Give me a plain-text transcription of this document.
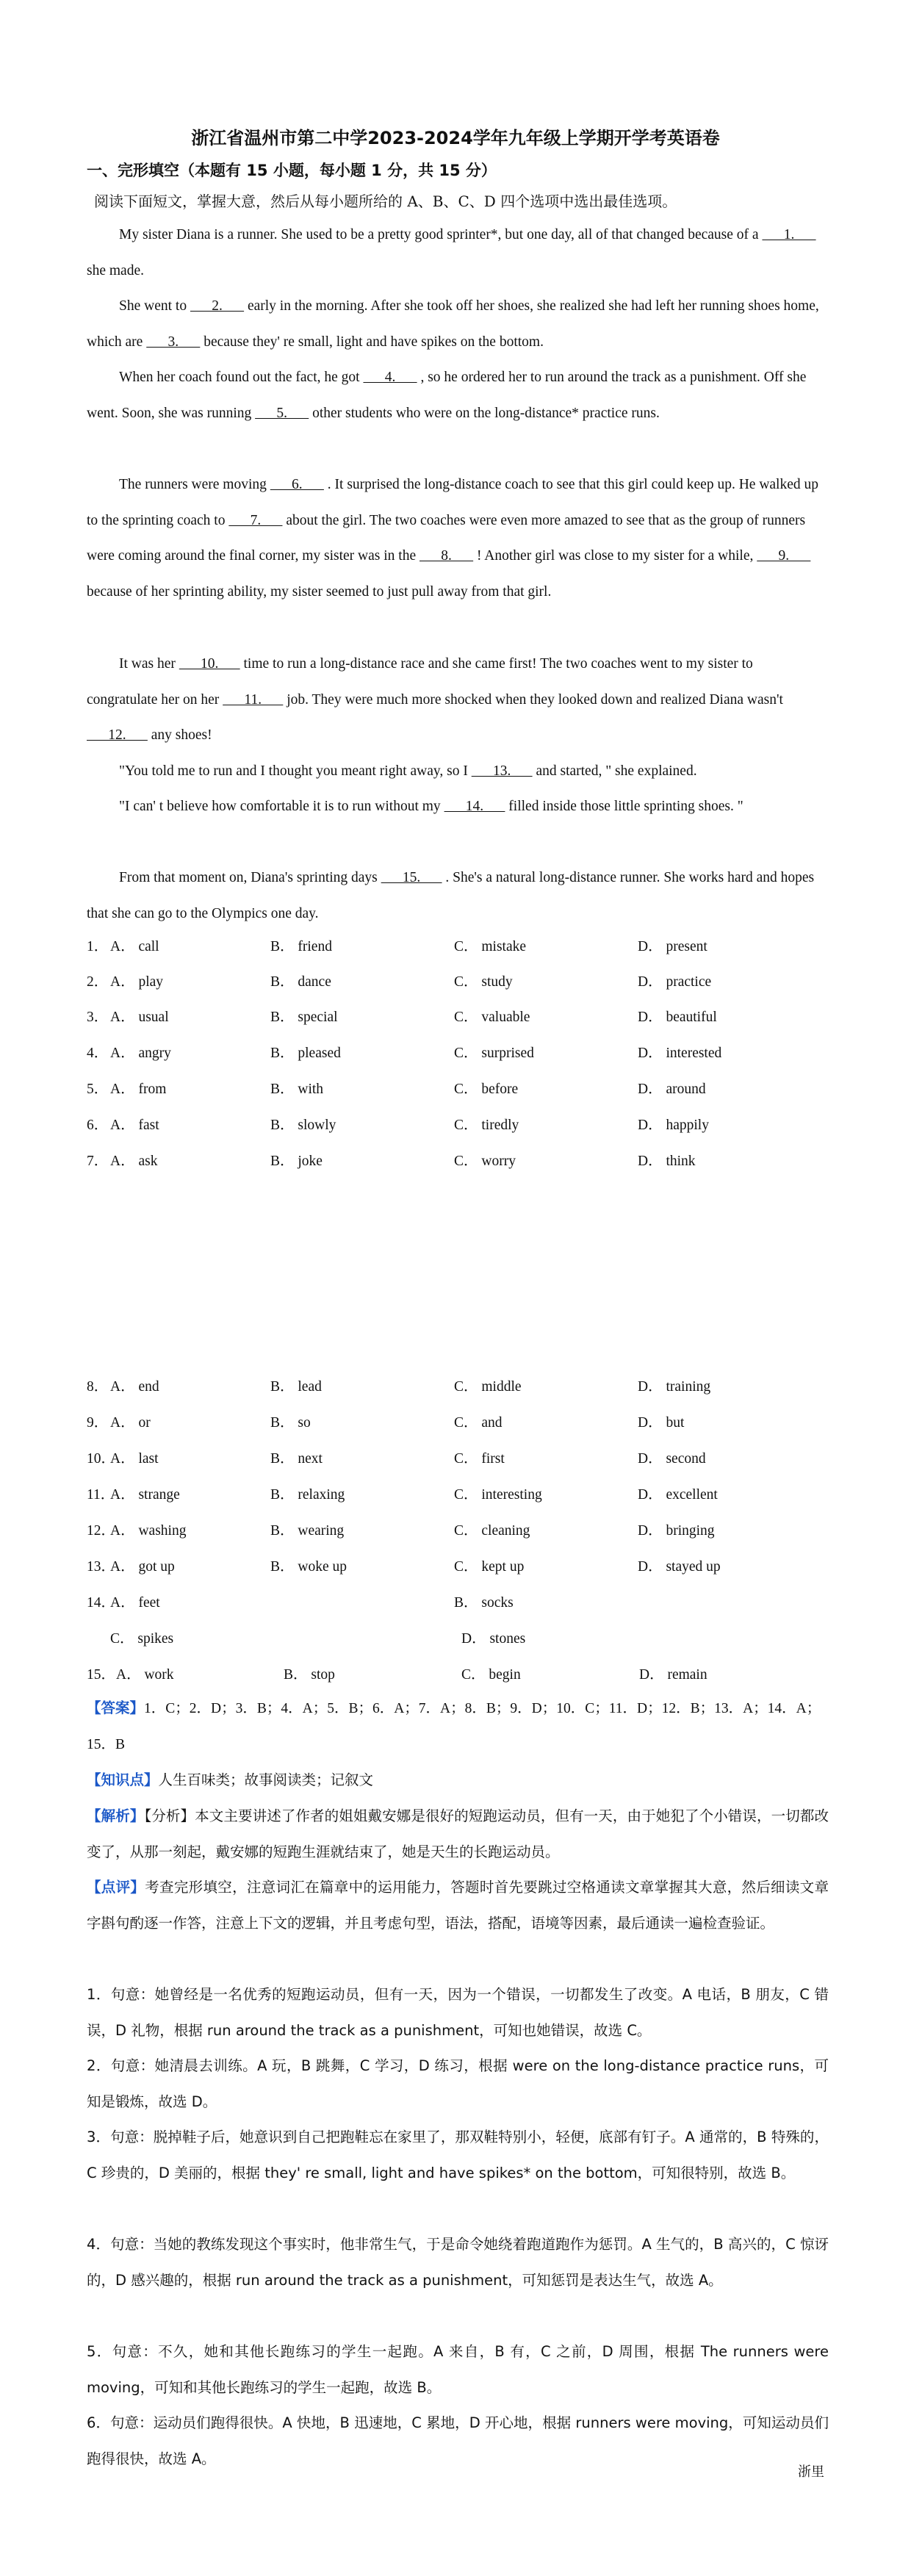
浙江省温州市第二中学2023-2024学年九年级上学期开学考英语卷
一、完形填空（本题有 15 小题，每小题 1 分，共 15 分）
阅读下面短文，掌握大意，然后从每小题所给的 A、B、C、D 四个选项中选出最佳选项。
My sister Diana is a runner. She used to be a pretty good sprinter*, but one day, all of that changed because of a       1.       she made.
She went to       2.       early in the morning. After she took off her shoes, she realized she had left her running shoes home, which are       3.       because they' re small, light and have spikes on the bottom.
When her coach found out the fact, he got       4.       , so he ordered her to run around the track as a punishment. Off she went. Soon, she was running       5.       other students who were on the long-distance* practice runs.
The runners were moving       6.       . It surprised the long-distance coach to see that this girl could keep up. He walked up to the sprinting coach to       7.       about the girl. The two coaches were even more amazed to see that as the group of runners were coming around the final corner, my sister was in the       8.       ! Another girl was close to my sister for a while,       9.       because of her sprinting ability, my sister seemed to just pull away from that girl.
It was her       10.       time to run a long-distance race and she came first! The two coaches went to my sister to congratulate her on her       11.       job. They were much more shocked when they looked down and realized Diana wasn't       12.       any shoes!
"You told me to run and I thought you meant right away, so I       13.       and started, " she explained.
"I can' t believe how comfortable it is to run without my       14.       filled inside those little sprinting shoes. "
From that moment on, Diana's sprinting days       15.       . She's a natural long-distance runner. She works hard and hopes that she can go to the Olympics one day.
1． A． call	B． friend	C． mistake	D． present
2． A． play	B． dance	C． study	D． practice
3． A． usual	B． special	C． valuable	D． beautiful
4． A． angry	B． pleased	C． surprised	D． interested
5． A． from	B． with	C． before	D． around
6． A． fast	B． slowly	C． tiredly	D． happily
7． A． ask	B． joke	C． worry	D． think
8． A． end	B． lead	C． middle	D． training
9． A． or	B． so	C． and	D． but
10．
A． last	B． next	C． first	D． second
11．
A． strange	B． relaxing	C． interesting	D． excellent
12．
A． washing	B． wearing	C． cleaning	D． bringing
13．
A． got up	B． woke up	C． kept up	D． stayed up
14．
A． feet	B． socks
C． spikes	D． stones
15． A． work	B． stop	C． begin	D． remain
【答案】1．C；2．D；3．B；4．A；5．B；6．A；7．A；8．B；9．D；10．C；11．D；12．B；13．A；14．A；15．B
【知识点】人生百味类；故事阅读类；记叙文
【解析】【分析】本文主要讲述了作者的姐姐戴安娜是很好的短跑运动员，但有一天，由于她犯了个小错误，一切都改变了，从那一刻起，戴安娜的短跑生涯就结束了，她是天生的长跑运动员。
【点评】考查完形填空，注意词汇在篇章中的运用能力，答题时首先要跳过空格通读文章掌握其大意，然后细读文章字斟句酌逐一作答，注意上下文的逻辑，并且考虑句型，语法，搭配，语境等因素，最后通读一遍检查验证。
1．句意：她曾经是一名优秀的短跑运动员，但有一天，因为一个错误，一切都发生了改变。A 电话，B 朋友，C 错误，D 礼物，根据 run around the track as a punishment，可知也她错误，故选 C。
2．句意：她清晨去训练。A 玩，B 跳舞，C 学习，D 练习，根据 were on the long-distance practice runs，可知是锻炼，故选 D。
3．句意：脱掉鞋子后，她意识到自己把跑鞋忘在家里了，那双鞋特别小，轻便，底部有钉子。A 通常的，B 特殊的，C 珍贵的，D 美丽的，根据 they' re small, light and have spikes* on the bottom，可知很特别，故选 B。
4．句意：当她的教练发现这个事实时，他非常生气，于是命令她绕着跑道跑作为惩罚。A 生气的，B 高兴的，C 惊讶的，D 感兴趣的，根据 run around the track as a punishment，可知惩罚是表达生气，故选 A。
5．句意：不久，她和其他长跑练习的学生一起跑。A 来自，B 有，C 之前，D 周围，根据 The runners were moving，可知和其他长跑练习的学生一起跑，故选 B。
6．句意：运动员们跑得很快。A 快地，B 迅速地，C 累地，D 开心地，根据 runners were moving，可知运动员们跑得很快，故选 A。
浙里
